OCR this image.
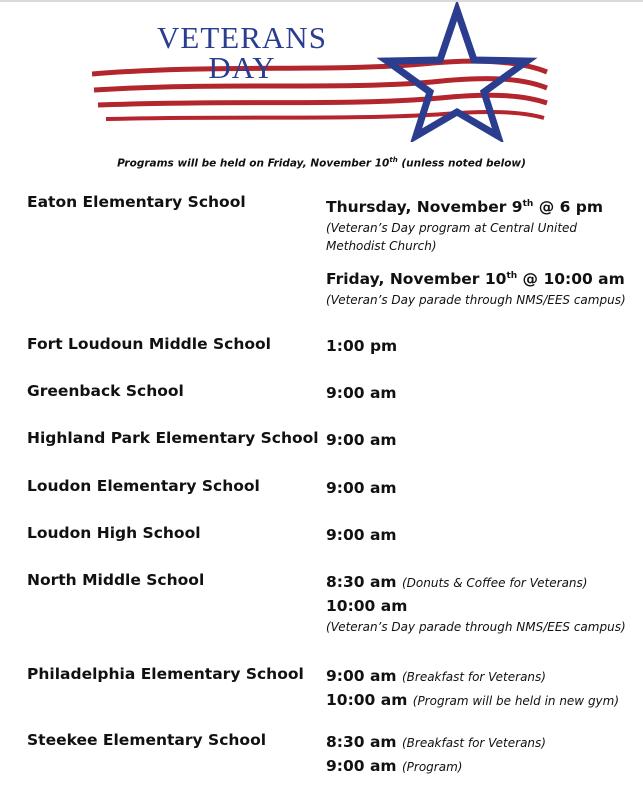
VETERANS
DAY
Programs will be held on Friday, November 10th (unless noted below)
Eaton Elementary School	Thursday, November 9th @ 6 pm
(Veteran’s Day program at Central United Methodist Church)
Friday, November 10th @ 10:00 am
(Veteran’s Day parade through NMS/EES campus)
Fort Loudoun Middle School	1:00 pm
Greenback School	9:00 am
Highland Park Elementary School 9:00 am
Loudon Elementary School	9:00 am
Loudon High School	9:00 am
North Middle School	8:30 am (Donuts & Coffee for Veterans)
10:00 am
(Veteran’s Day parade through NMS/EES campus)
Philadelphia Elementary School 9:00 am (Breakfast for Veterans)
10:00 am (Program will be held in new gym)
Steekee Elementary School	8:30 am (Breakfast for Veterans)
9:00 am (Program)
